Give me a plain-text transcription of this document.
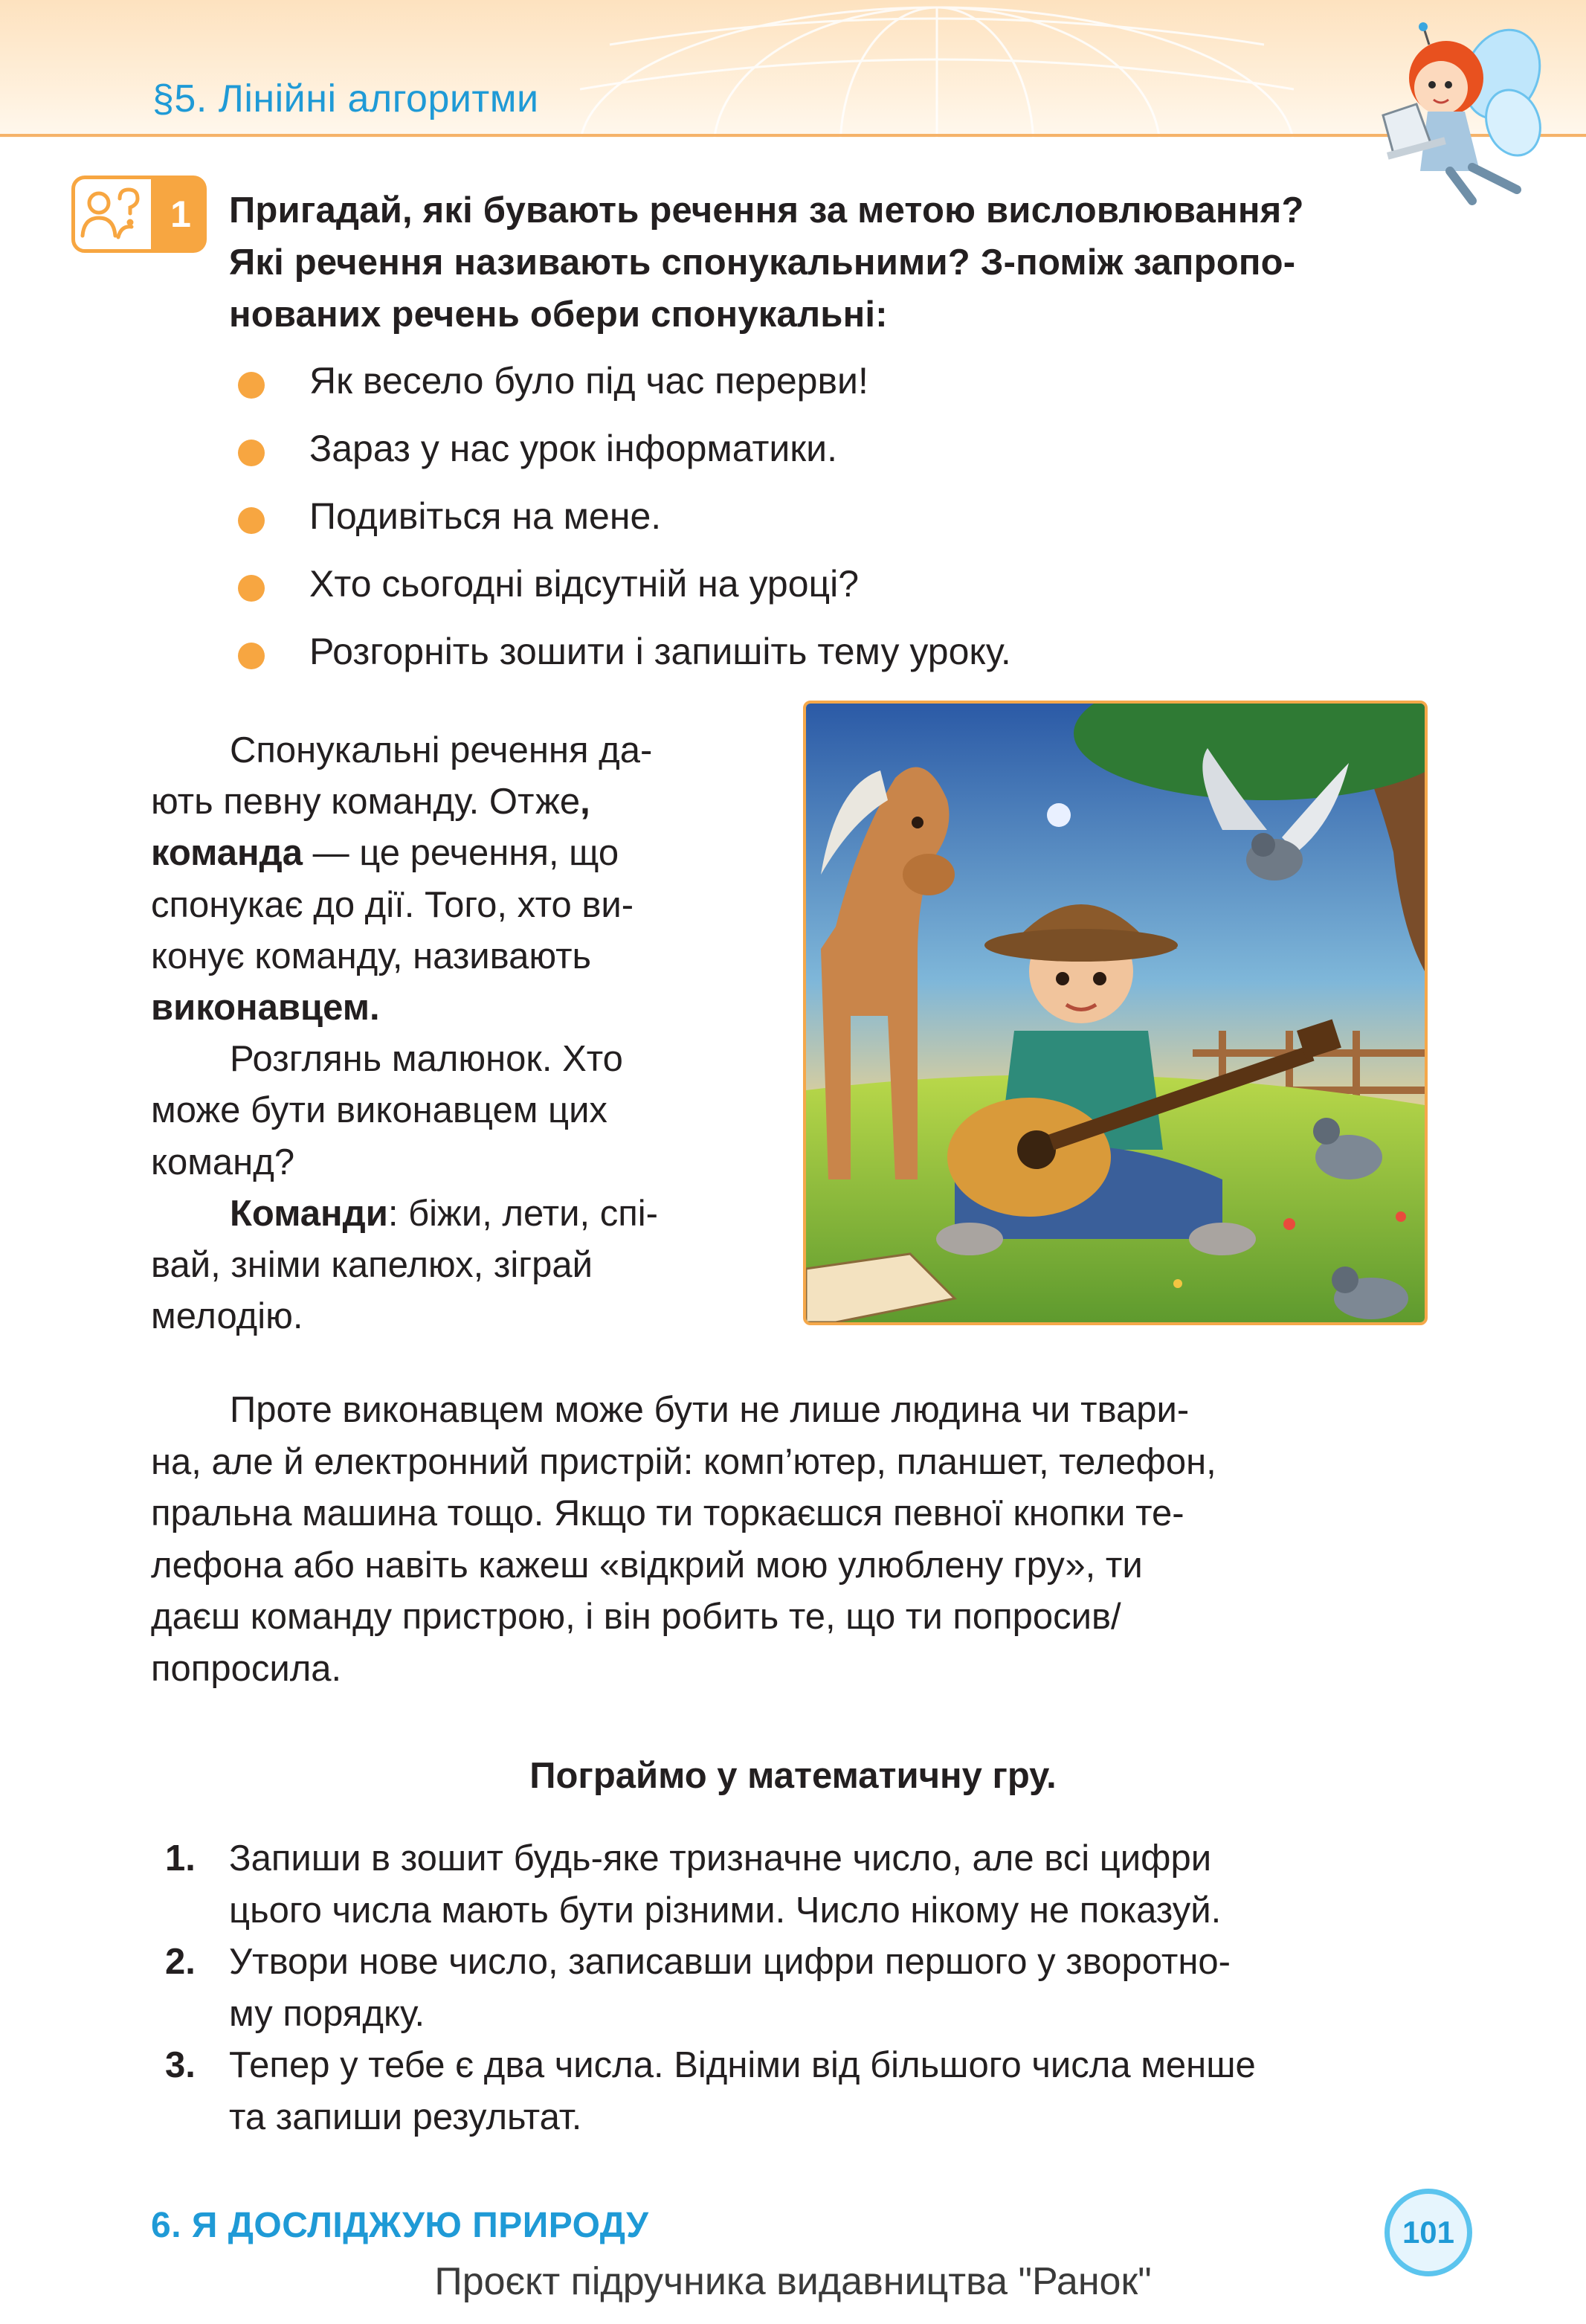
§5. Лінійні алгоритми
1	Пригадай, які бувають речення за метою висловлювання?
Які речення називають спонукальними? З-поміж запропо-
нованих речень обери спонукальні:
Як весело було під час перерви!
Зараз у нас урок інформатики.
Подивіться на мене.
Хто сьогодні відсутній на уроці?
Розгорніть зошити і запишіть тему уроку.
Спонукальні речення да-
ють певну команду. Отже,
команда — це речення, що
спонукає до дії. Того, хто ви-
конує команду, називають
виконавцем.
Розглянь малюнок. Хто
може бути виконавцем цих
команд?
Команди: біжи, лети, спі-
вай, зніми капелюх, зіграй
мелодію.
Проте виконавцем може бути не лише людина чи твари-
на, але й електронний пристрій: комп’ютер, планшет, телефон,
пральна машина тощо. Якщо ти торкаєшся певної кнопки те-
лефона або навіть кажеш «відкрий мою улюблену гру», ти
даєш команду пристрою, і він робить те, що ти попросив/
попросила.
Пограймо у математичну гру.
1. Запиши в зошит будь-яке тризначне число, але всі цифри
цього числа мають бути різними. Число нікому не показуй.
2. Утвори нове число, записавши цифри першого у зворотно-
му порядку.
3. Тепер у тебе є два числа. Відніми від більшого числа менше
та запиши результат.
6. Я ДОСЛІДЖУЮ ПРИРОДУ	101
Проєкт підручника видавництва "Ранок"
